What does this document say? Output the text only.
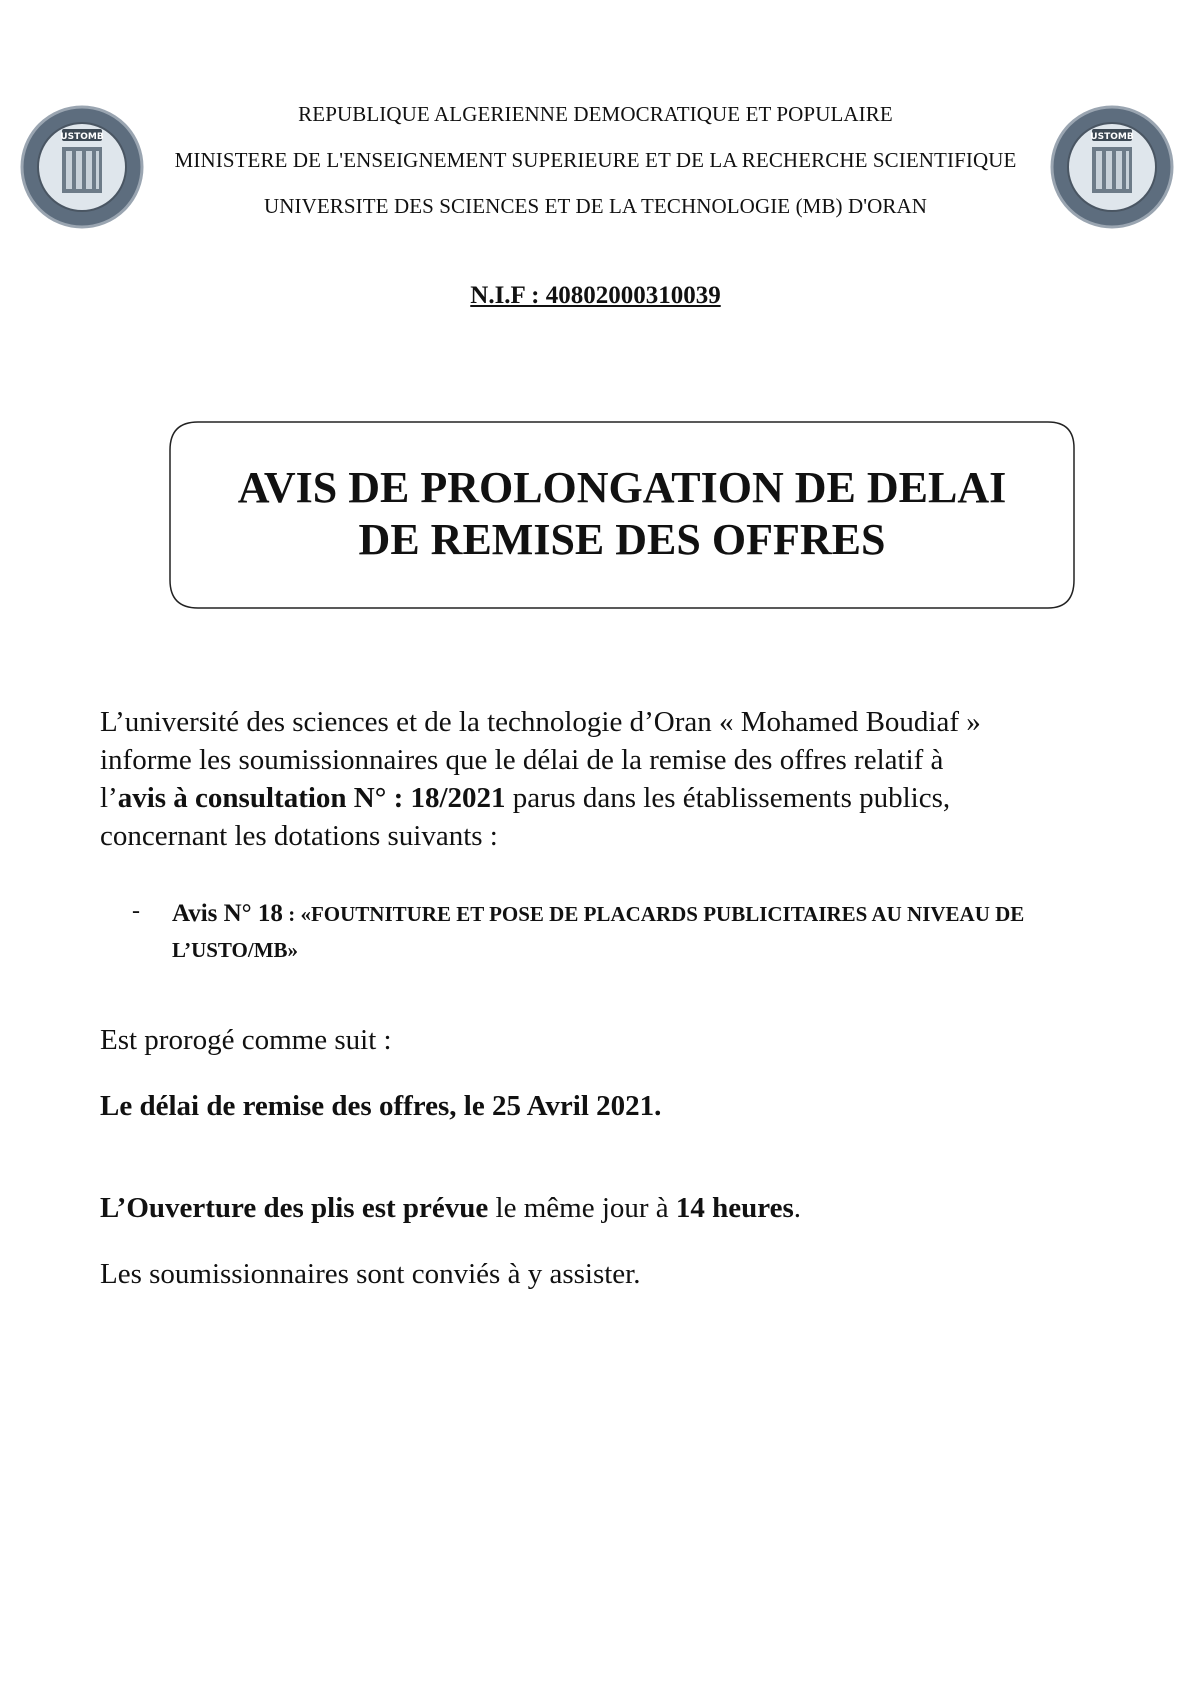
USTOMB	USTOMB
REPUBLIQUE ALGERIENNE DEMOCRATIQUE ET POPULAIRE
MINISTERE DE L'ENSEIGNEMENT SUPERIEURE ET DE LA RECHERCHE SCIENTIFIQUE
UNIVERSITE DES SCIENCES ET DE LA TECHNOLOGIE (MB) D'ORAN
N.I.F : 40802000310039
AVIS DE PROLONGATION DE DELAI
DE REMISE DES OFFRES
L’université des sciences et de la technologie d’Oran « Mohamed Boudiaf »
informe les soumissionnaires que le délai de la remise des offres relatif à
l’avis à consultation N° : 18/2021 parus dans les établissements publics,
concernant les dotations suivants :
- Avis N° 18 : «FOUTNITURE ET POSE DE PLACARDS PUBLICITAIRES AU NIVEAU DE
L’USTO/MB»
Est prorogé comme suit :
Le délai de remise des offres, le 25 Avril 2021.
L’Ouverture des plis est prévue le même jour à 14 heures.
Les soumissionnaires sont conviés à y assister.
